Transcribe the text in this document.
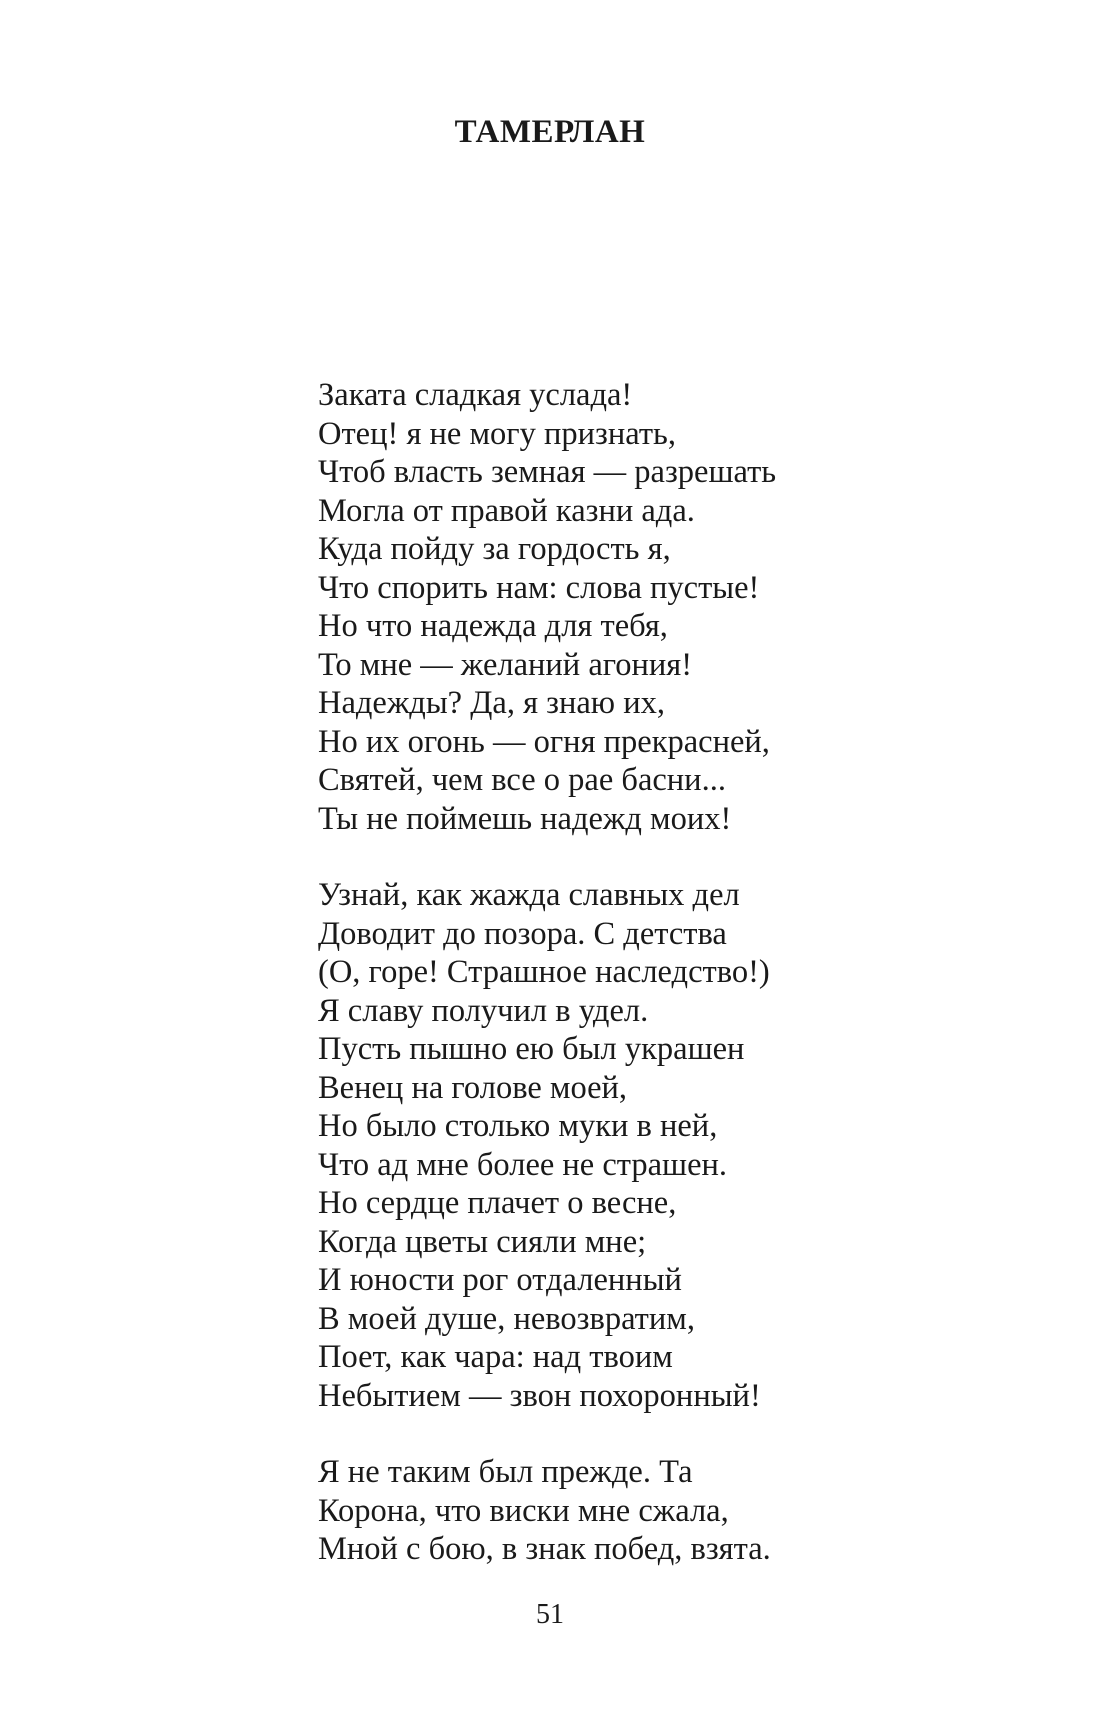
ТАМЕРЛАН
Заката сладкая услада!
Отец! я не могу признать,
Чтоб власть земная — разрешать
Могла от правой казни ада.
Куда пойду за гордость я,
Что спорить нам: слова пустые!
Но что надежда для тебя,
То мне — желаний агония!
Надежды? Да, я знаю их,
Но их огонь — огня прекрасней,
Святей, чем все о рае басни...
Ты не поймешь надежд моих!
Узнай, как жажда славных дел
Доводит до позора. С детства
(О, горе! Страшное наследство!)
Я славу получил в удел.
Пусть пышно ею был украшен
Венец на голове моей,
Но было столько муки в ней,
Что ад мне более не страшен.
Но сердце плачет о весне,
Когда цветы сияли мне;
И юности рог отдаленный
В моей душе, невозвратим,
Поет, как чара: над твоим
Небытием — звон похоронный!
Я не таким был прежде. Та
Корона, что виски мне сжала,
Мной с бою, в знак побед, взята.
51
